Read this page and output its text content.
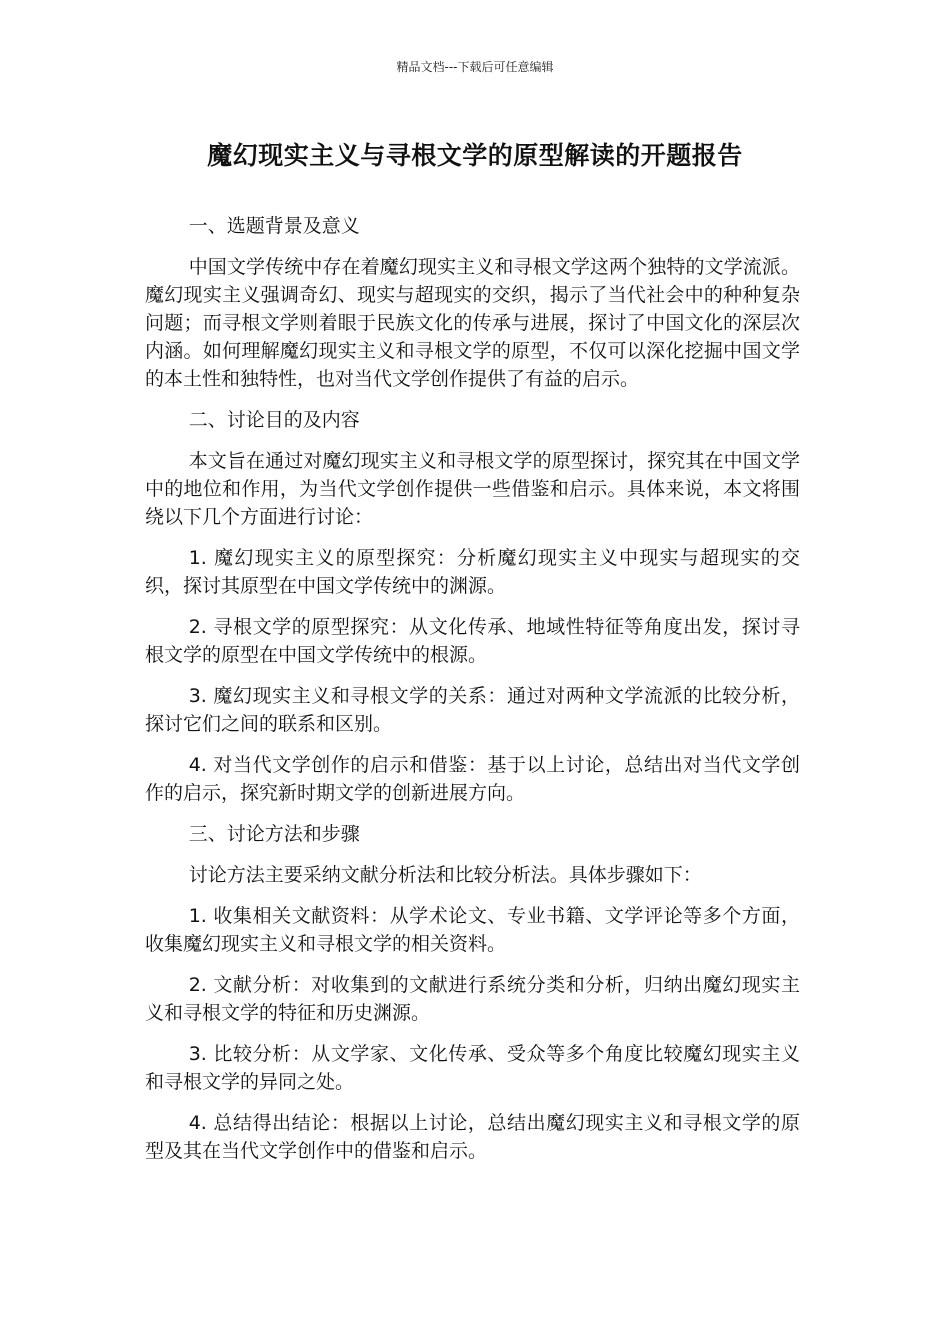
精品文档---下载后可任意编辑
魔幻现实主义与寻根文学的原型解读的开题报告

一、选题背景及意义

中国文学传统中存在着魔幻现实主义和寻根文学这两个独特的文学流派。魔幻现实主义强调奇幻、现实与超现实的交织，揭示了当代社会中的种种复杂问题；而寻根文学则着眼于民族文化的传承与进展，探讨了中国文化的深层次内涵。如何理解魔幻现实主义和寻根文学的原型，不仅可以深化挖掘中国文学的本土性和独特性，也对当代文学创作提供了有益的启示。

二、讨论目的及内容

本文旨在通过对魔幻现实主义和寻根文学的原型探讨，探究其在中国文学中的地位和作用，为当代文学创作提供一些借鉴和启示。具体来说，本文将围绕以下几个方面进行讨论：

1. 魔幻现实主义的原型探究：分析魔幻现实主义中现实与超现实的交织，探讨其原型在中国文学传统中的渊源。

2. 寻根文学的原型探究：从文化传承、地域性特征等角度出发，探讨寻根文学的原型在中国文学传统中的根源。

3. 魔幻现实主义和寻根文学的关系：通过对两种文学流派的比较分析，探讨它们之间的联系和区别。

4. 对当代文学创作的启示和借鉴：基于以上讨论，总结出对当代文学创作的启示，探究新时期文学的创新进展方向。

三、讨论方法和步骤

讨论方法主要采纳文献分析法和比较分析法。具体步骤如下：

1. 收集相关文献资料：从学术论文、专业书籍、文学评论等多个方面，收集魔幻现实主义和寻根文学的相关资料。

2. 文献分析：对收集到的文献进行系统分类和分析，归纳出魔幻现实主义和寻根文学的特征和历史渊源。

3. 比较分析：从文学家、文化传承、受众等多个角度比较魔幻现实主义和寻根文学的异同之处。

4. 总结得出结论：根据以上讨论，总结出魔幻现实主义和寻根文学的原型及其在当代文学创作中的借鉴和启示。
